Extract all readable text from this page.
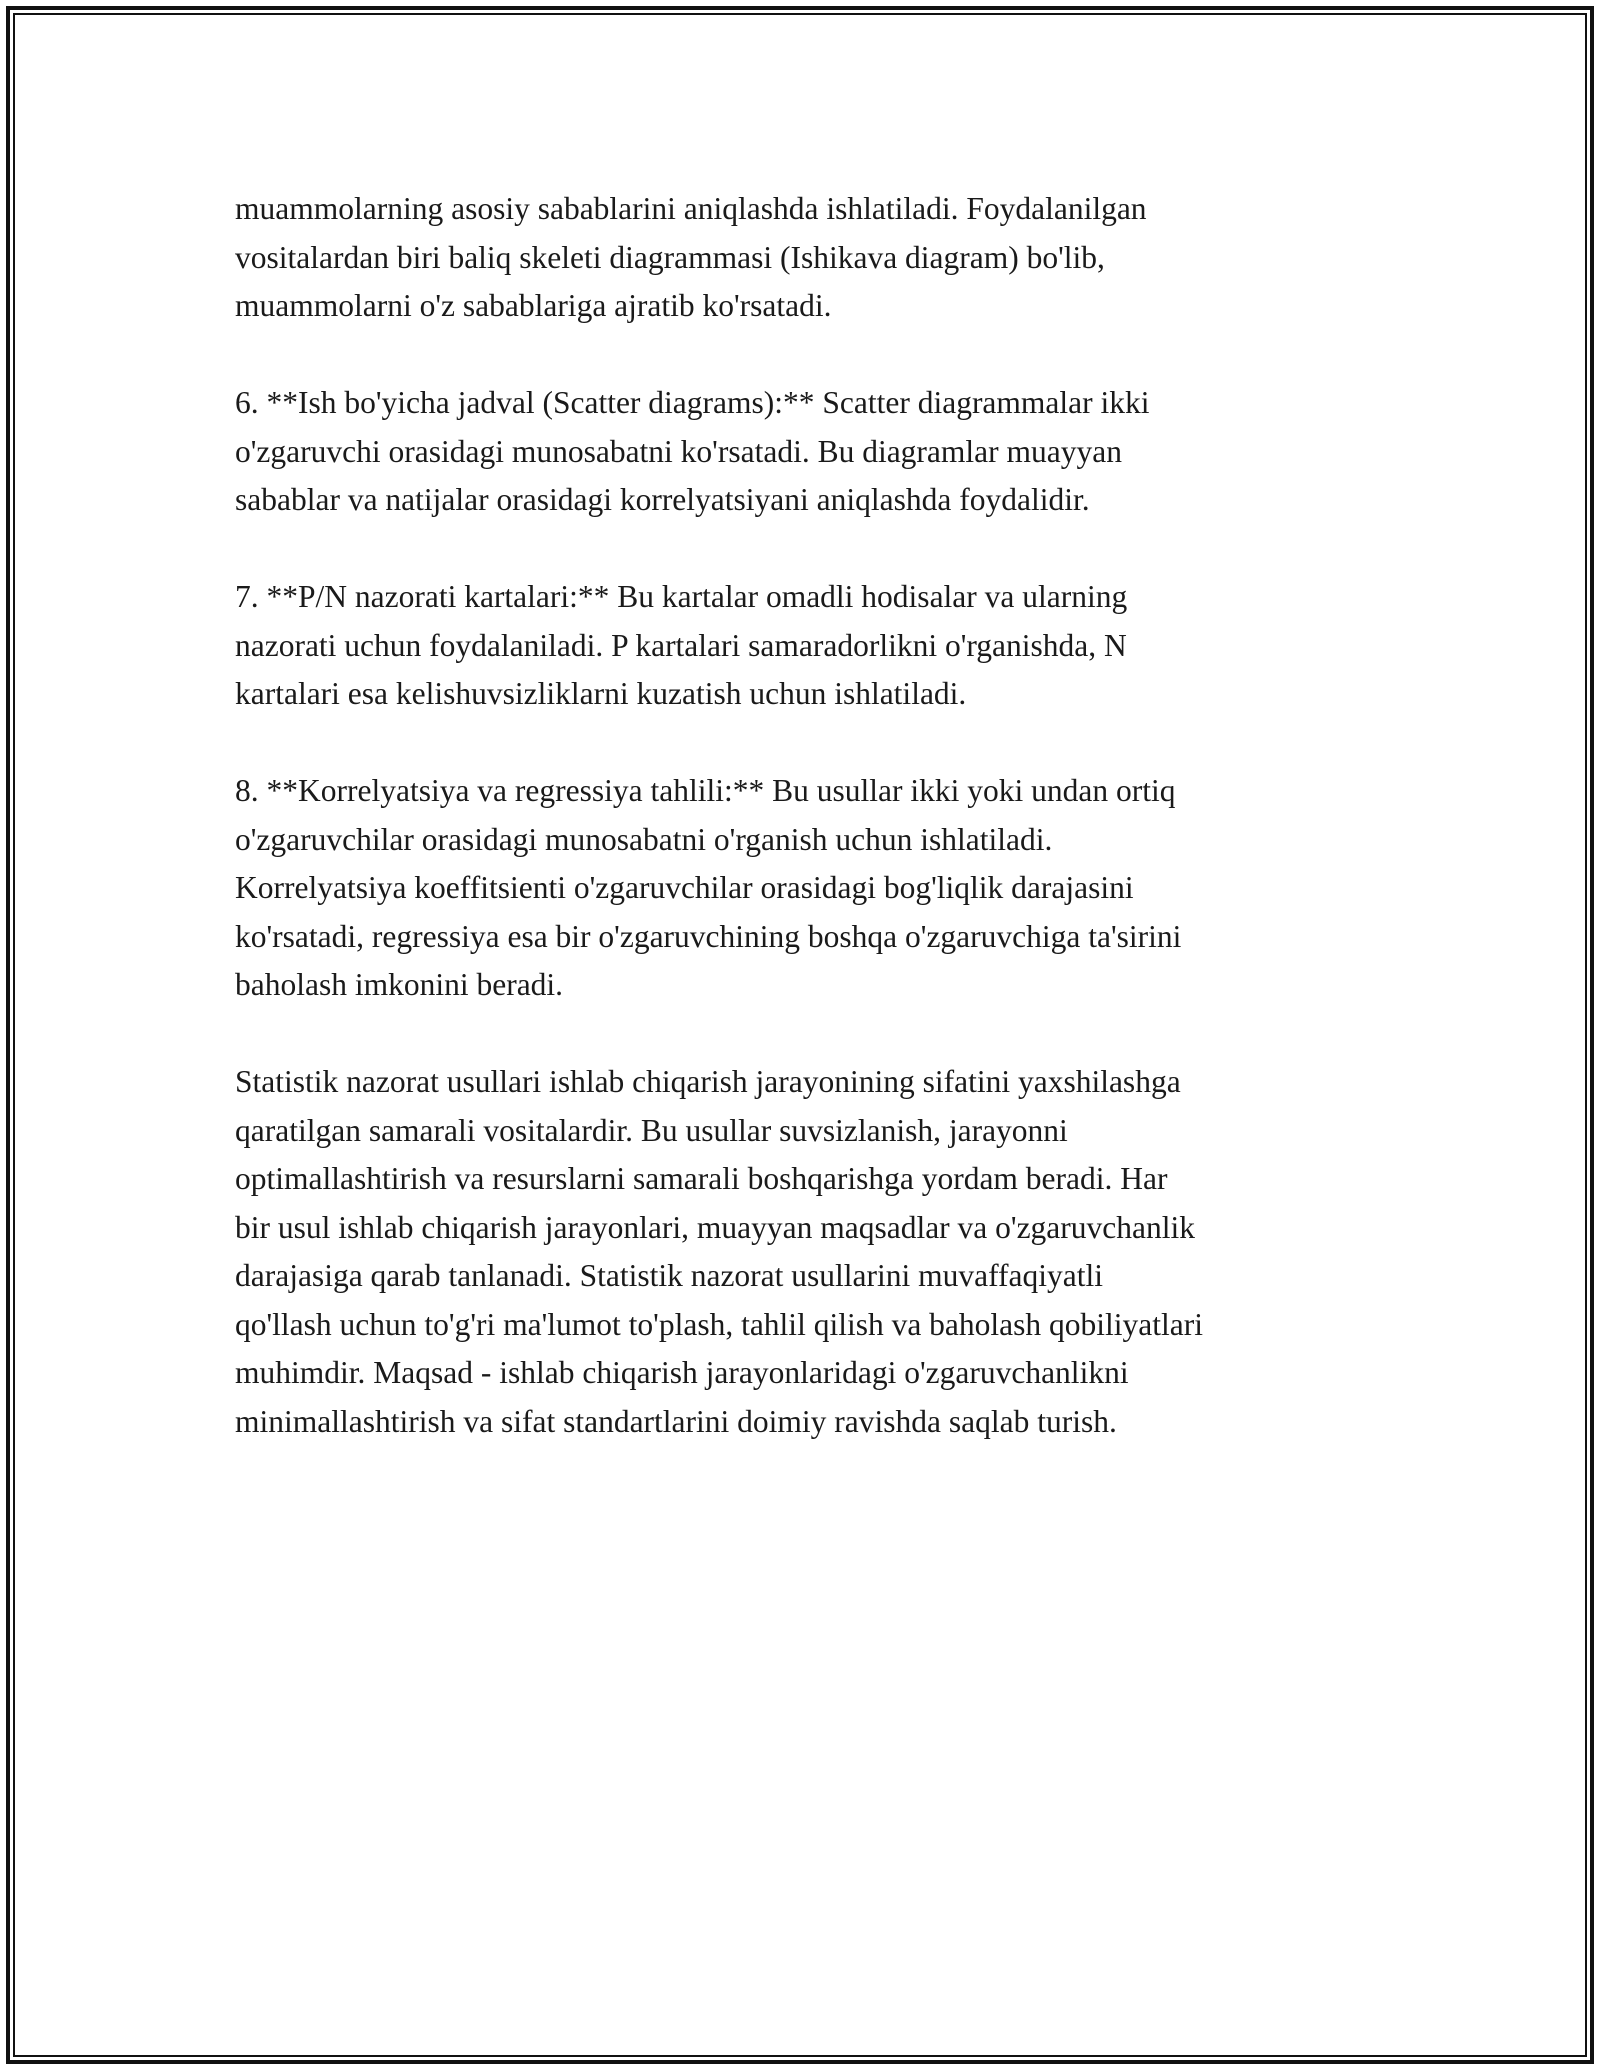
muammolarning asosiy sabablarini aniqlashda ishlatiladi. Foydalanilgan
vositalardan biri baliq skeleti diagrammasi (Ishikava diagram) bo'lib,
muammolarni o'z sabablariga ajratib ko'rsatadi.

6. **Ish bo'yicha jadval (Scatter diagrams):** Scatter diagrammalar ikki
o'zgaruvchi orasidagi munosabatni ko'rsatadi. Bu diagramlar muayyan
sabablar va natijalar orasidagi korrelyatsiyani aniqlashda foydalidir.

7. **P/N nazorati kartalari:** Bu kartalar omadli hodisalar va ularning
nazorati uchun foydalaniladi. P kartalari samaradorlikni o'rganishda, N
kartalari esa kelishuvsizliklarni kuzatish uchun ishlatiladi.

8. **Korrelyatsiya va regressiya tahlili:** Bu usullar ikki yoki undan ortiq
o'zgaruvchilar orasidagi munosabatni o'rganish uchun ishlatiladi.
Korrelyatsiya koeffitsienti o'zgaruvchilar orasidagi bog'liqlik darajasini
ko'rsatadi, regressiya esa bir o'zgaruvchining boshqa o'zgaruvchiga ta'sirini
baholash imkonini beradi.

Statistik nazorat usullari ishlab chiqarish jarayonining sifatini yaxshilashga
qaratilgan samarali vositalardir. Bu usullar suvsizlanish, jarayonni
optimallashtirish va resurslarni samarali boshqarishga yordam beradi. Har
bir usul ishlab chiqarish jarayonlari, muayyan maqsadlar va o'zgaruvchanlik
darajasiga qarab tanlanadi. Statistik nazorat usullarini muvaffaqiyatli
qo'llash uchun to'g'ri ma'lumot to'plash, tahlil qilish va baholash qobiliyatlari
muhimdir. Maqsad - ishlab chiqarish jarayonlaridagi o'zgaruvchanlikni
minimallashtirish va sifat standartlarini doimiy ravishda saqlab turish.
